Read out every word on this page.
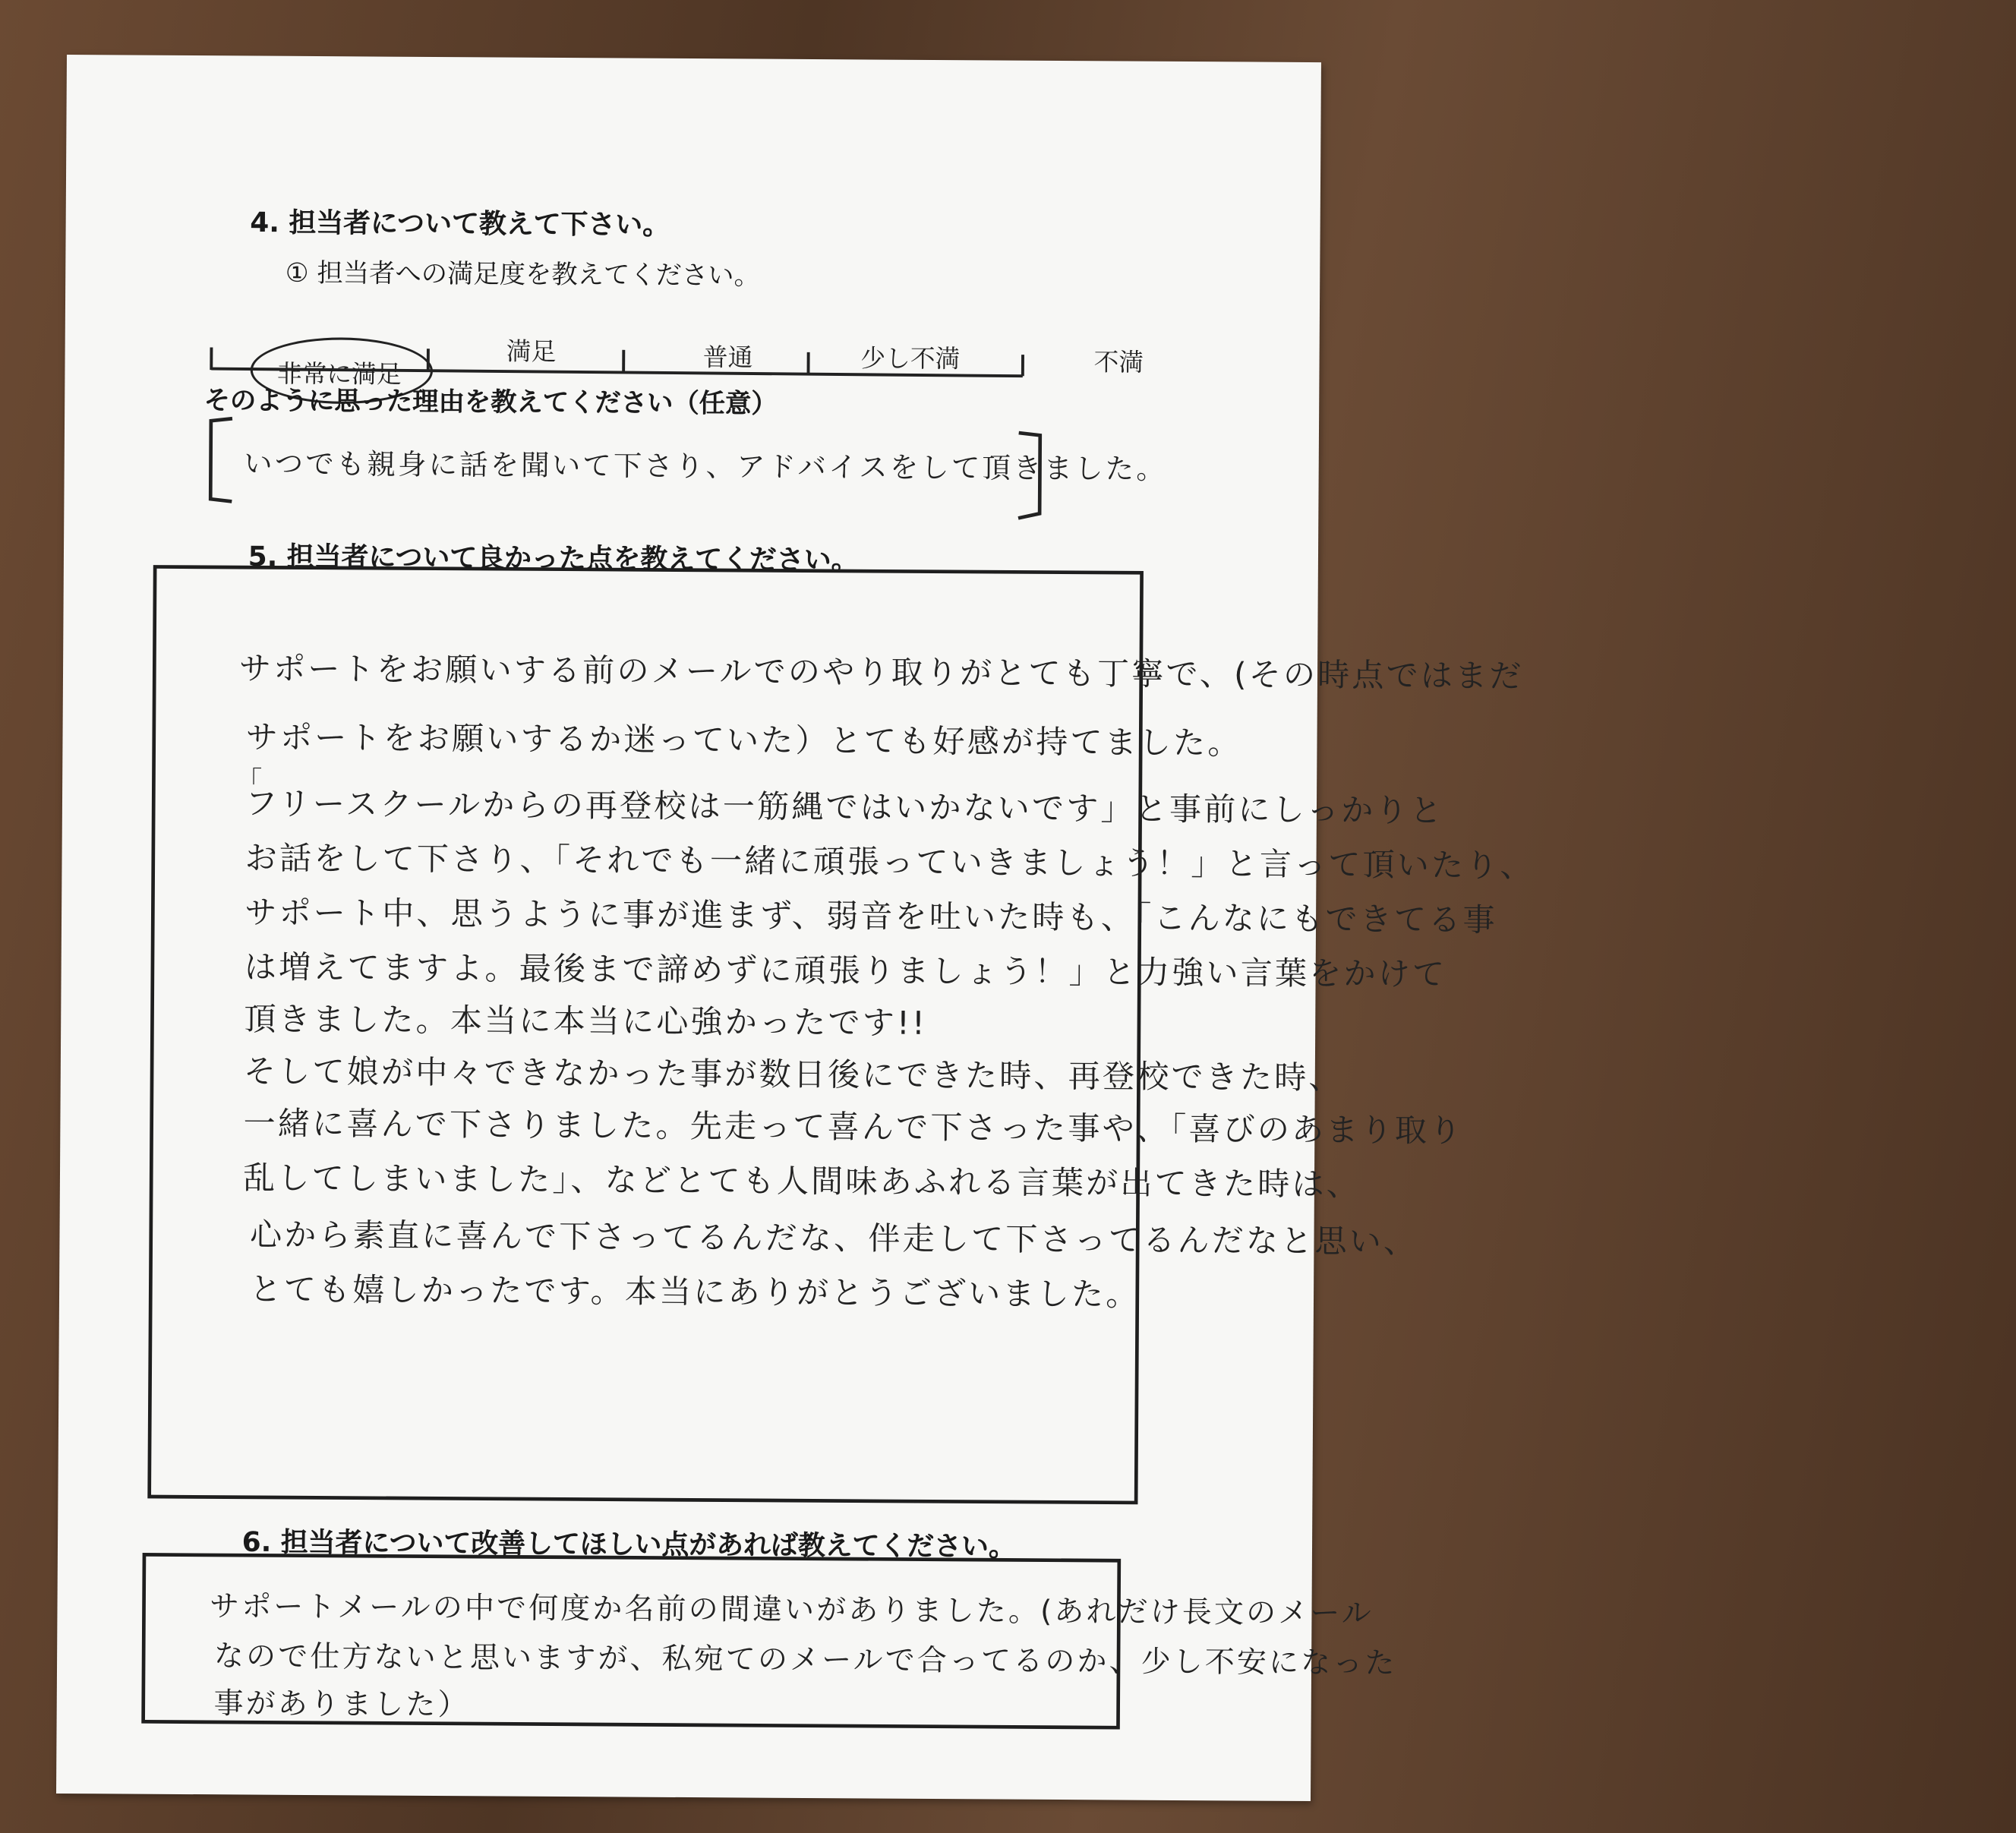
4. 担当者について教えて下さい。
① 担当者への満足度を教えてください。
非常に満足
満足	普通	少し不満	不満
そのように思った理由を教えてください（任意）
いつでも親身に話を聞いて下さり、アドバイスをして頂きました。
5. 担当者について良かった点を教えてください。
サポートをお願いする前のメールでのやり取りがとても丁寧で、(その時点ではまだ
サポートをお願いするか迷っていた）とても好感が持てました。
「
フリースクールからの再登校は一筋縄ではいかないです」と事前にしっかりと
お話をして下さり、「それでも一緒に頑張っていきましょう！」と言って頂いたり、
サポート中、思うように事が進まず、弱音を吐いた時も、「こんなにもできてる事
は増えてますよ。最後まで諦めずに頑張りましょう！」と力強い言葉をかけて
頂きました。本当に本当に心強かったです!!
そして娘が中々できなかった事が数日後にできた時、再登校できた時、
一緒に喜んで下さりました。先走って喜んで下さった事や、「喜びのあまり取り
乱してしまいました」、などとても人間味あふれる言葉が出てきた時は、
心から素直に喜んで下さってるんだな、伴走して下さってるんだなと思い、
とても嬉しかったです。本当にありがとうございました。
6. 担当者について改善してほしい点があれば教えてください。
サポートメールの中で何度か名前の間違いがありました。(あれだけ長文のメール
なので仕方ないと思いますが、私宛てのメールで合ってるのか、少し不安になった
事がありました）
